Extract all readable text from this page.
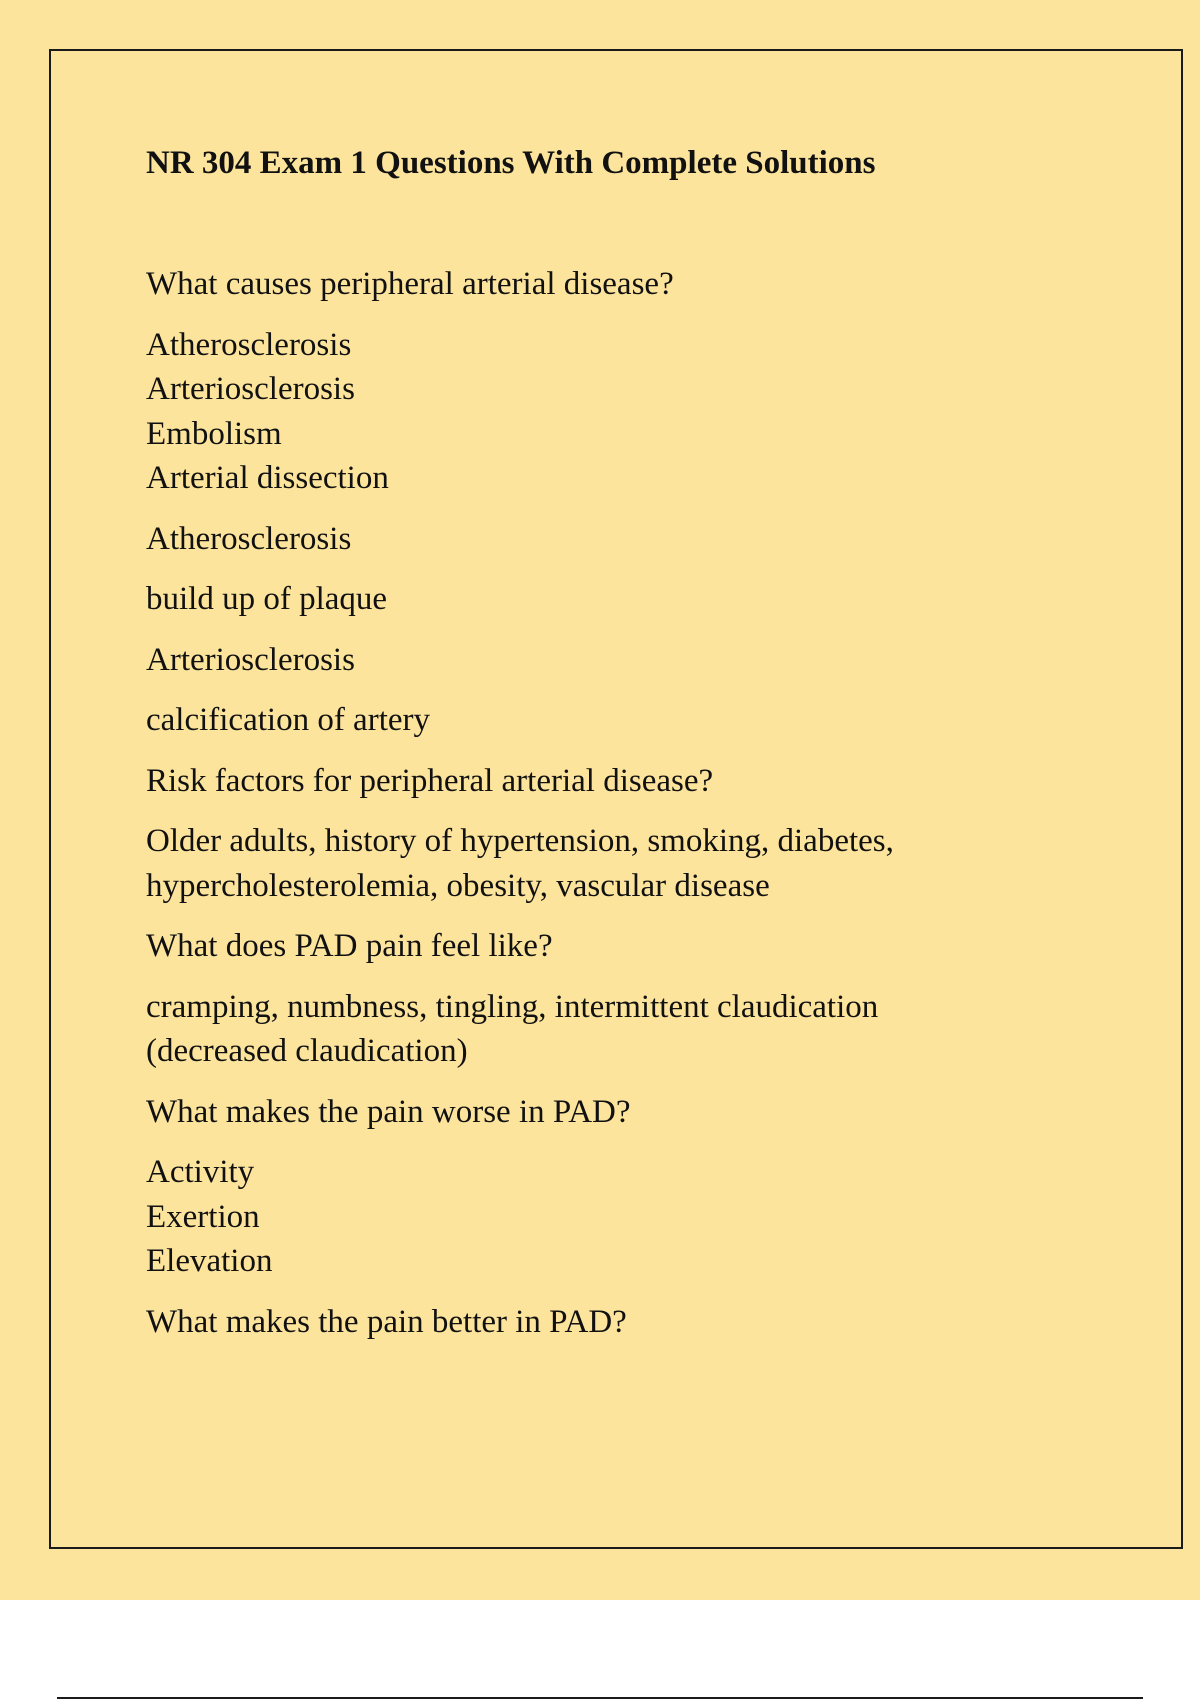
NR 304 Exam 1 Questions With Complete Solutions
What causes peripheral arterial disease?
Atherosclerosis
Arteriosclerosis
Embolism
Arterial dissection
Atherosclerosis
build up of plaque
Arteriosclerosis
calcification of artery
Risk factors for peripheral arterial disease?
Older adults, history of hypertension, smoking, diabetes,
hypercholesterolemia, obesity, vascular disease
What does PAD pain feel like?
cramping, numbness, tingling, intermittent claudication
(decreased claudication)
What makes the pain worse in PAD?
Activity
Exertion
Elevation
What makes the pain better in PAD?
